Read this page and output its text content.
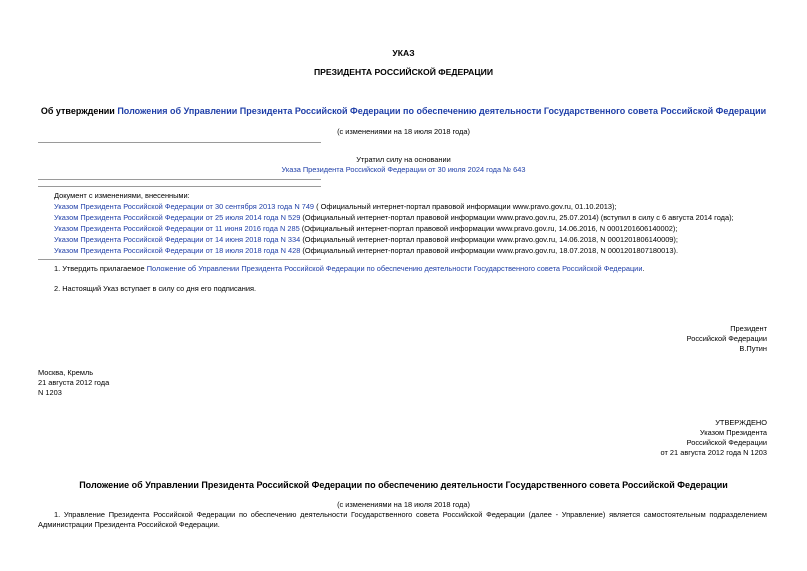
УКАЗ
ПРЕЗИДЕНТА РОССИЙСКОЙ ФЕДЕРАЦИИ
Об утверждении Положения об Управлении Президента Российской Федерации по обеспечению деятельности Государственного совета Российской Федерации
(с изменениями на 18 июля 2018 года)
Утратил силу на основании
Указа Президента Российской Федерации от 30 июля 2024 года № 643
Документ с изменениями, внесенными:
Указом Президента Российской Федерации от 30 сентября 2013 года N 749 ( Официальный интернет-портал правовой информации www.pravo.gov.ru, 01.10.2013);
Указом Президента Российской Федерации от 25 июля 2014 года N 529 (Официальный интернет-портал правовой информации www.pravo.gov.ru, 25.07.2014) (вступил в силу с 6 августа 2014 года);
Указом Президента Российской Федерации от 11 июня 2016 года N 285 (Официальный интернет-портал правовой информации www.pravo.gov.ru, 14.06.2016, N 0001201606140002);
Указом Президента Российской Федерации от 14 июня 2018 года N 334 (Официальный интернет-портал правовой информации www.pravo.gov.ru, 14.06.2018, N 0001201806140009);
Указом Президента Российской Федерации от 18 июля 2018 года N 428 (Официальный интернет-портал правовой информации www.pravo.gov.ru, 18.07.2018, N 0001201807180013).
1. Утвердить прилагаемое Положение об Управлении Президента Российской Федерации по обеспечению деятельности Государственного совета Российской Федерации.
2. Настоящий Указ вступает в силу со дня его подписания.
Президент
Российской Федерации
В.Путин
Москва, Кремль
21 августа 2012 года
N 1203
УТВЕРЖДЕНО
Указом Президента
Российской Федерации
от 21 августа 2012 года N 1203
Положение об Управлении Президента Российской Федерации по обеспечению деятельности Государственного совета Российской Федерации
(с изменениями на 18 июля 2018 года)
1. Управление Президента Российской Федерации по обеспечению деятельности Государственного совета Российской Федерации (далее - Управление) является самостоятельным подразделением Администрации Президента Российской Федерации.
